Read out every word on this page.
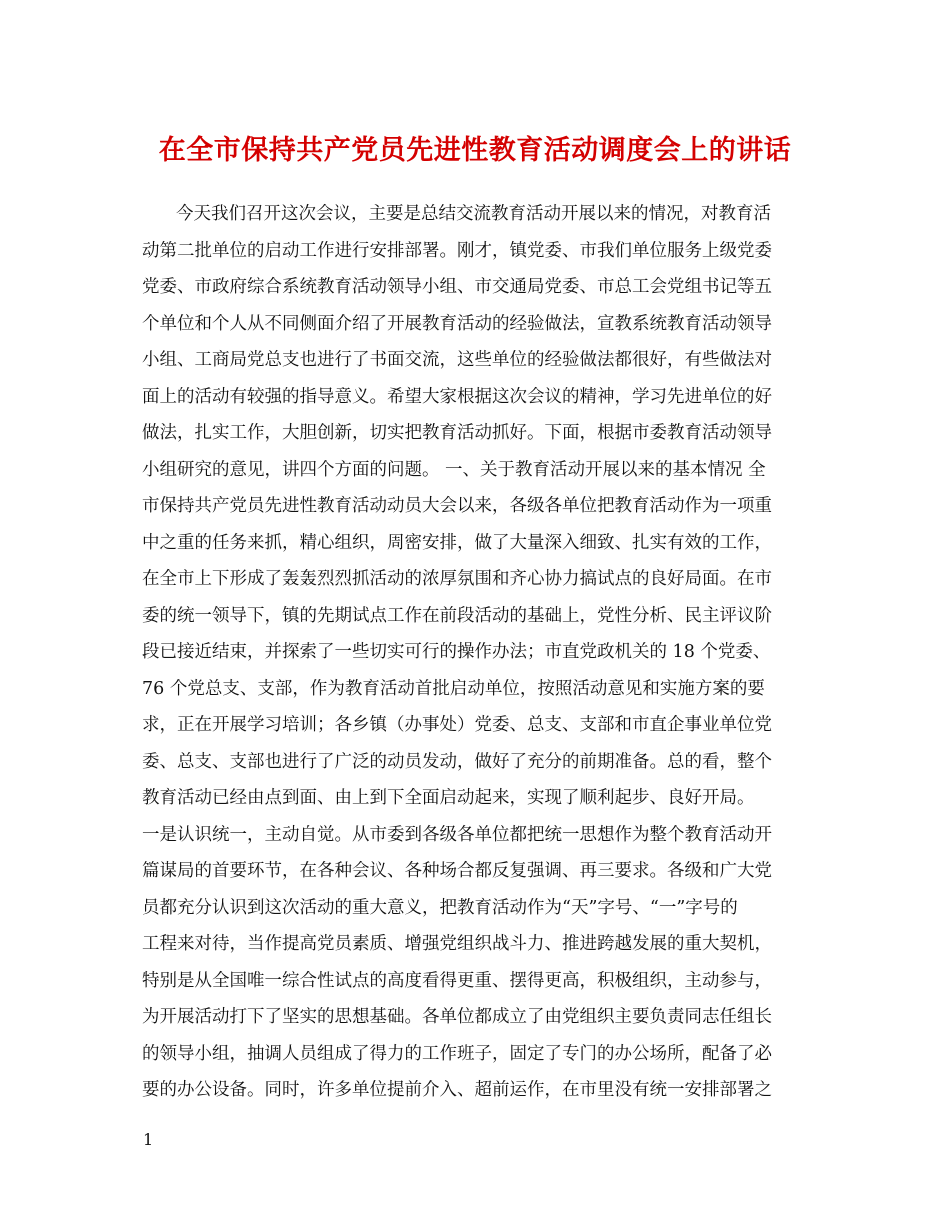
在全市保持共产党员先进性教育活动调度会上的讲话
今天我们召开这次会议，主要是总结交流教育活动开展以来的情况，对教育活
动第二批单位的启动工作进行安排部署。刚才，镇党委、市我们单位服务上级党委
党委、市政府综合系统教育活动领导小组、市交通局党委、市总工会党组书记等五
个单位和个人从不同侧面介绍了开展教育活动的经验做法，宣教系统教育活动领导
小组、工商局党总支也进行了书面交流，这些单位的经验做法都很好，有些做法对
面上的活动有较强的指导意义。希望大家根据这次会议的精神，学习先进单位的好
做法，扎实工作，大胆创新，切实把教育活动抓好。下面，根据市委教育活动领导
小组研究的意见，讲四个方面的问题。 一、关于教育活动开展以来的基本情况 全
市保持共产党员先进性教育活动动员大会以来，各级各单位把教育活动作为一项重
中之重的任务来抓，精心组织，周密安排，做了大量深入细致、扎实有效的工作，
在全市上下形成了轰轰烈烈抓活动的浓厚氛围和齐心协力搞试点的良好局面。在市
委的统一领导下，镇的先期试点工作在前段活动的基础上，党性分析、民主评议阶
段已接近结束，并探索了一些切实可行的操作办法；市直党政机关的 18 个党委、
76 个党总支、支部，作为教育活动首批启动单位，按照活动意见和实施方案的要
求，正在开展学习培训；各乡镇（办事处）党委、总支、支部和市直企事业单位党
委、总支、支部也进行了广泛的动员发动，做好了充分的前期准备。总的看，整个
教育活动已经由点到面、由上到下全面启动起来，实现了顺利起步、良好开局。
一是认识统一，主动自觉。从市委到各级各单位都把统一思想作为整个教育活动开
篇谋局的首要环节，在各种会议、各种场合都反复强调、再三要求。各级和广大党
员都充分认识到这次活动的重大意义，把教育活动作为“天”字号、“一”字号的
工程来对待，当作提高党员素质、增强党组织战斗力、推进跨越发展的重大契机，
特别是从全国唯一综合性试点的高度看得更重、摆得更高，积极组织，主动参与，
为开展活动打下了坚实的思想基础。各单位都成立了由党组织主要负责同志任组长
的领导小组，抽调人员组成了得力的工作班子，固定了专门的办公场所，配备了必
要的办公设备。同时，许多单位提前介入、超前运作，在市里没有统一安排部署之
1
